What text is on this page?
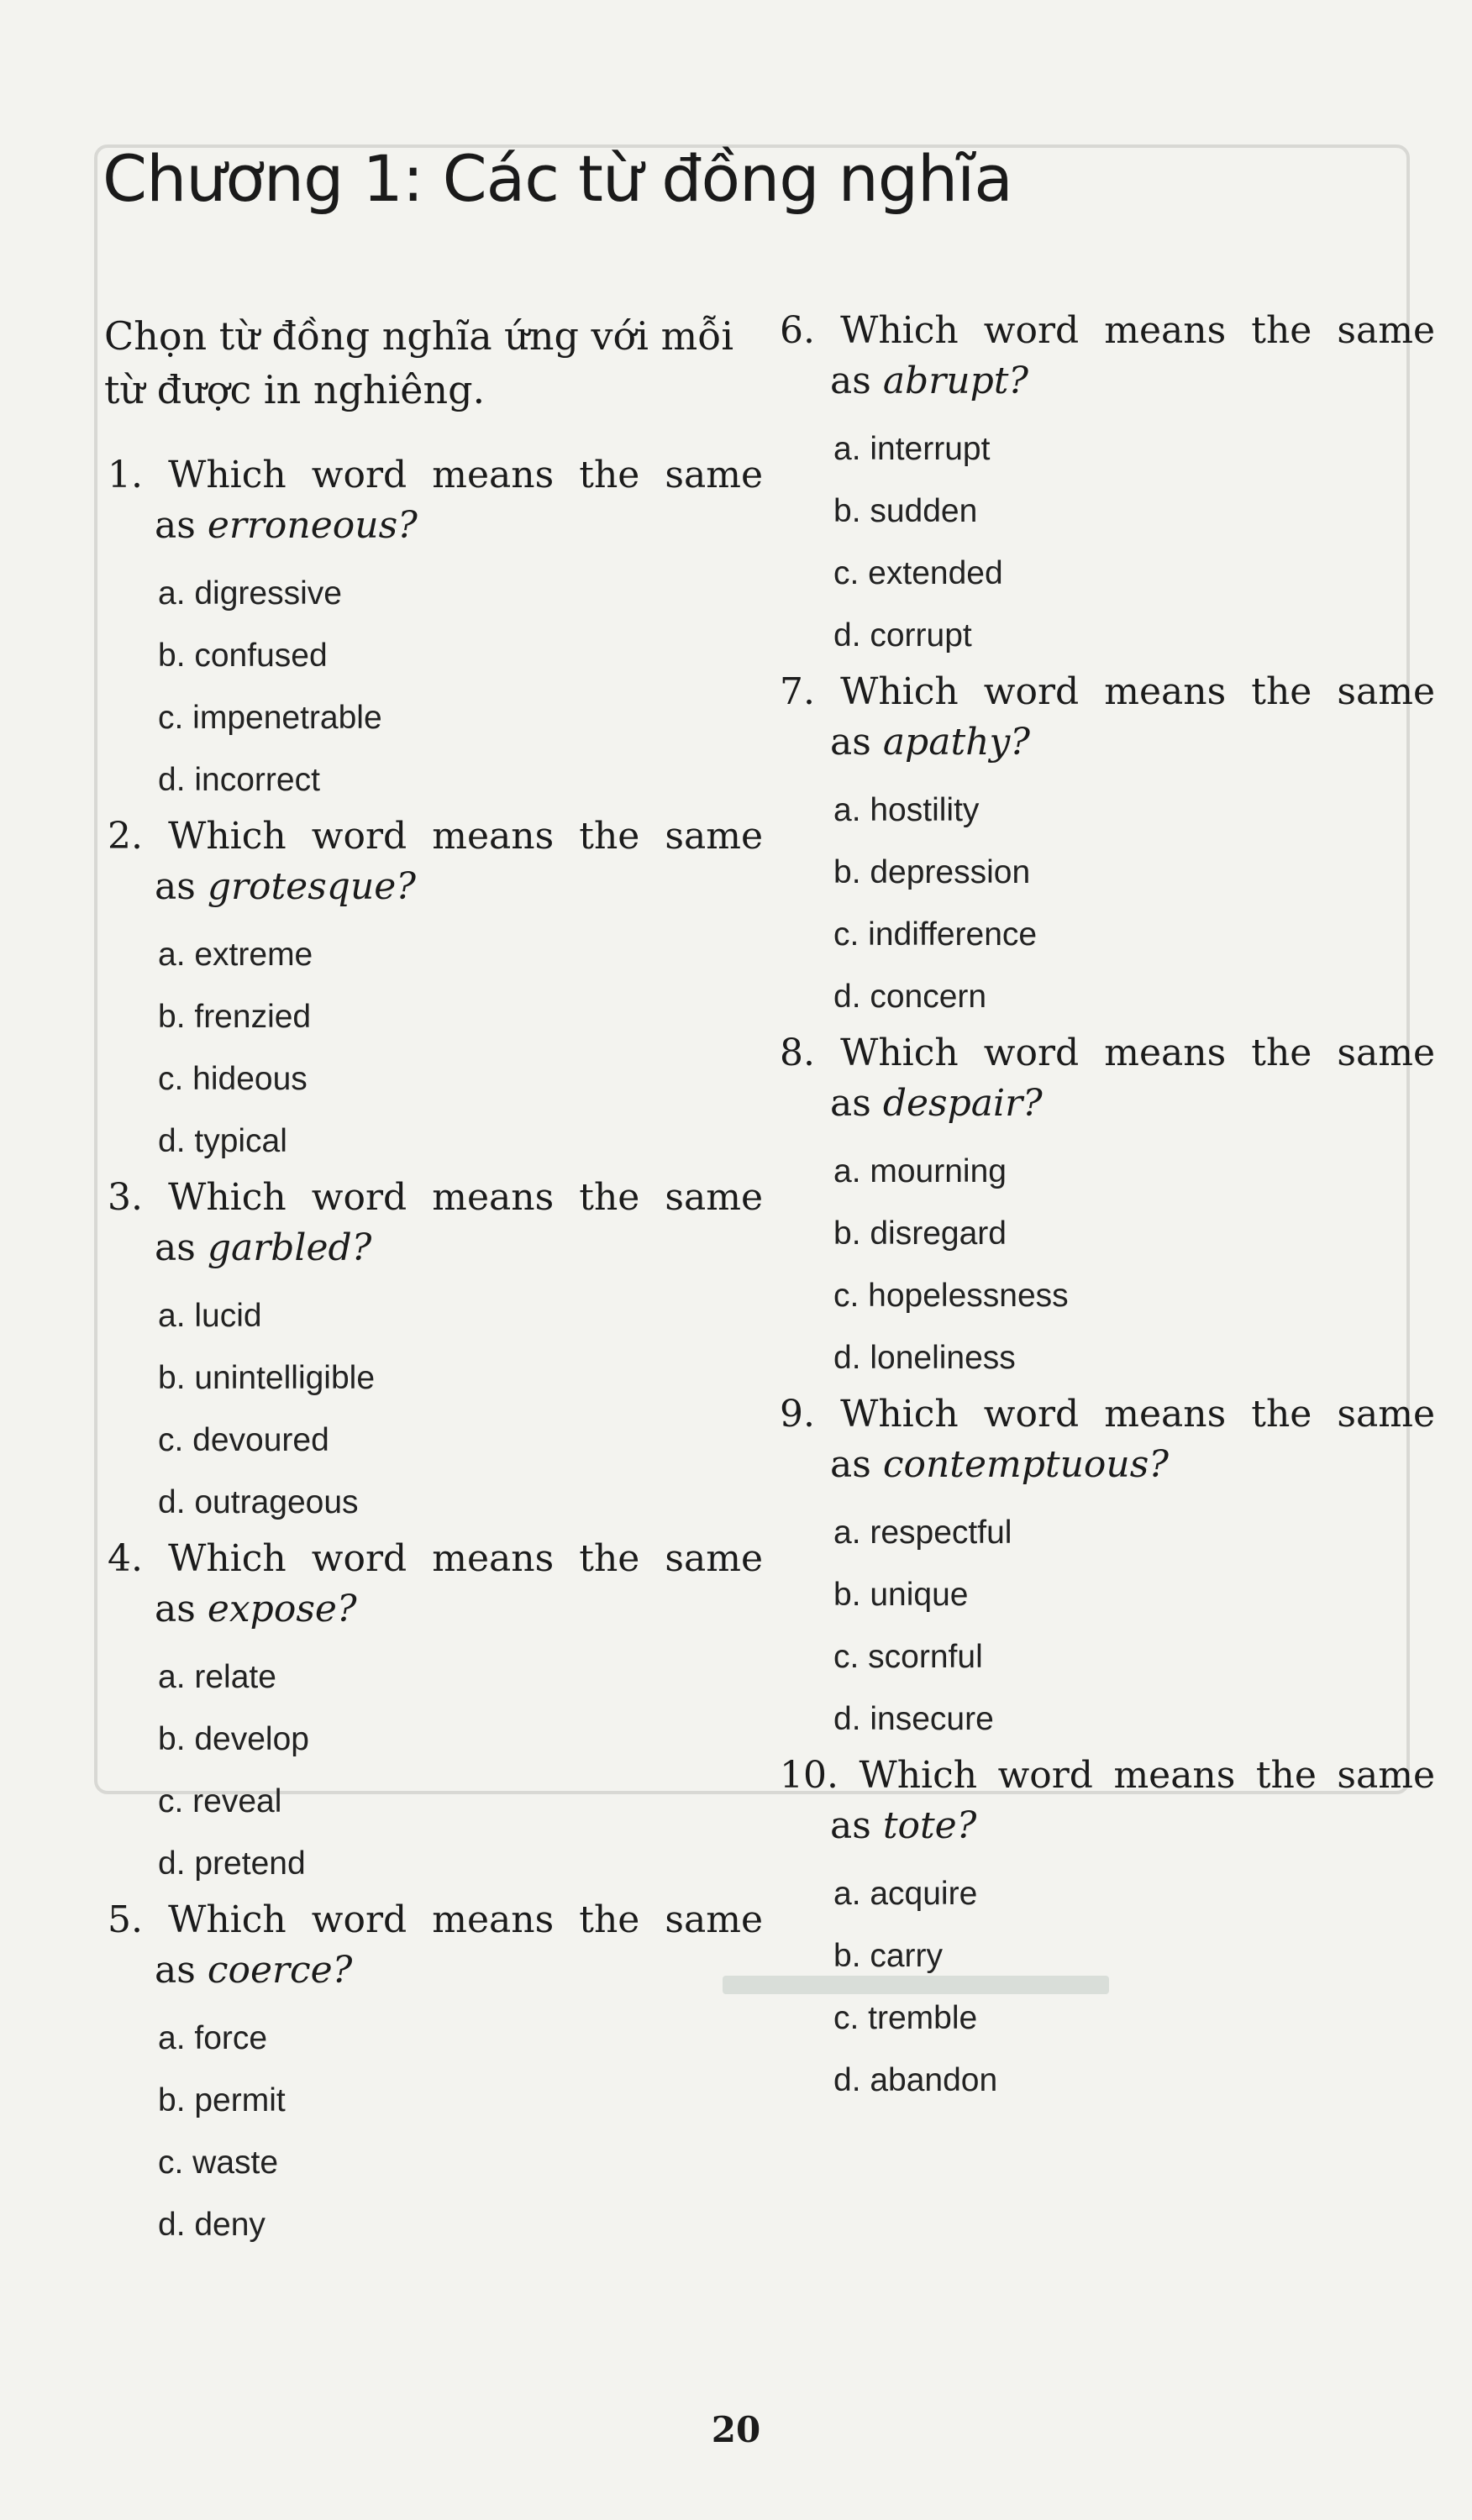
Chương 1: Các từ đồng nghĩa

Chọn từ đồng nghĩa ứng với mỗi từ được in nghiêng.

1. Which word means the same

as erroneous?

a. digressive
b. confused
c. impenetrable
d. incorrect

2. Which word means the same

as grotesque?

a. extreme
b. frenzied
c. hideous
d. typical

3. Which word means the same

as garbled?

a. lucid
b. unintelligible
c. devoured
d. outrageous

4. Which word means the same

as expose?

a. relate
b. develop
c. reveal
d. pretend

5. Which word means the same

as coerce?

a. force
b. permit
c. waste
d. deny

6. Which word means the same

as abrupt?

a. interrupt
b. sudden
c. extended
d. corrupt

7. Which word means the same

as apathy?

a. hostility
b. depression
c. indifference
d. concern

8. Which word means the same

as despair?

a. mourning
b. disregard
c. hopelessness
d. loneliness

9. Which word means the same

as contemptuous?

a. respectful
b. unique
c. scornful
d. insecure

10. Which word means the same

as tote?

a. acquire
b. carry
c. tremble
d. abandon
20
